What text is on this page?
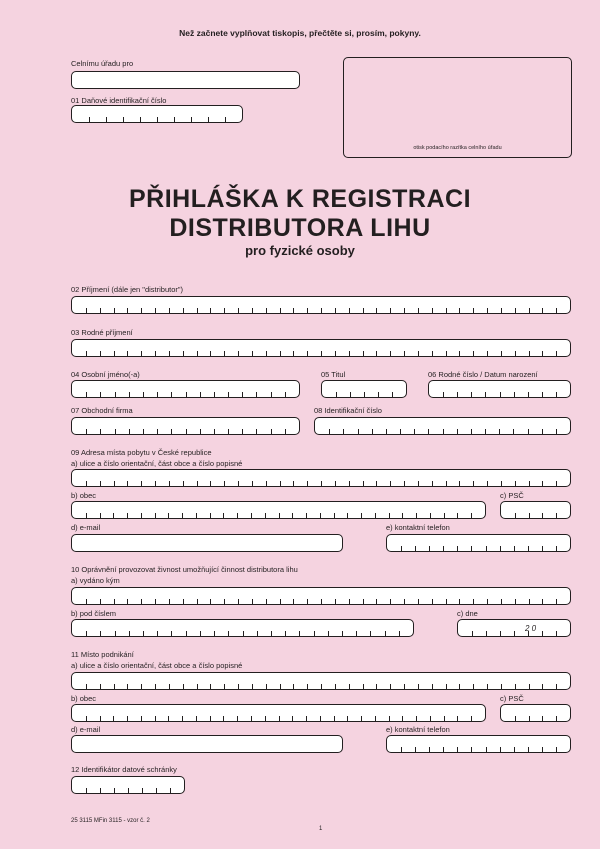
Než začnete vyplňovat tiskopis, přečtěte si, prosím, pokyny.
Celnímu úřadu pro
01 Daňové identifikační číslo
otisk podacího razítka celního úřadu
PŘIHLÁŠKA K REGISTRACI
DISTRIBUTORA LIHU
pro fyzické osoby
02 Příjmení (dále jen "distributor")
03 Rodné příjmení
04 Osobní jméno(-a)	05 Titul	06 Rodné číslo / Datum narození
07 Obchodní firma	08 Identifikační číslo
09 Adresa místa pobytu v České republice
a) ulice a číslo orientační, část obce a číslo popisné
b) obec	c) PSČ
d) e-mail	e) kontaktní telefon
10 Oprávnění provozovat živnost umožňující činnost distributora lihu
a) vydáno kým
b) pod číslem	c) dne
2 0
11 Místo podnikání
a) ulice a číslo orientační, část obce a číslo popisné
b) obec	c) PSČ
d) e-mail	e) kontaktní telefon
12 Identifikátor datové schránky
25 3115 MFin 3115 - vzor č. 2
1
